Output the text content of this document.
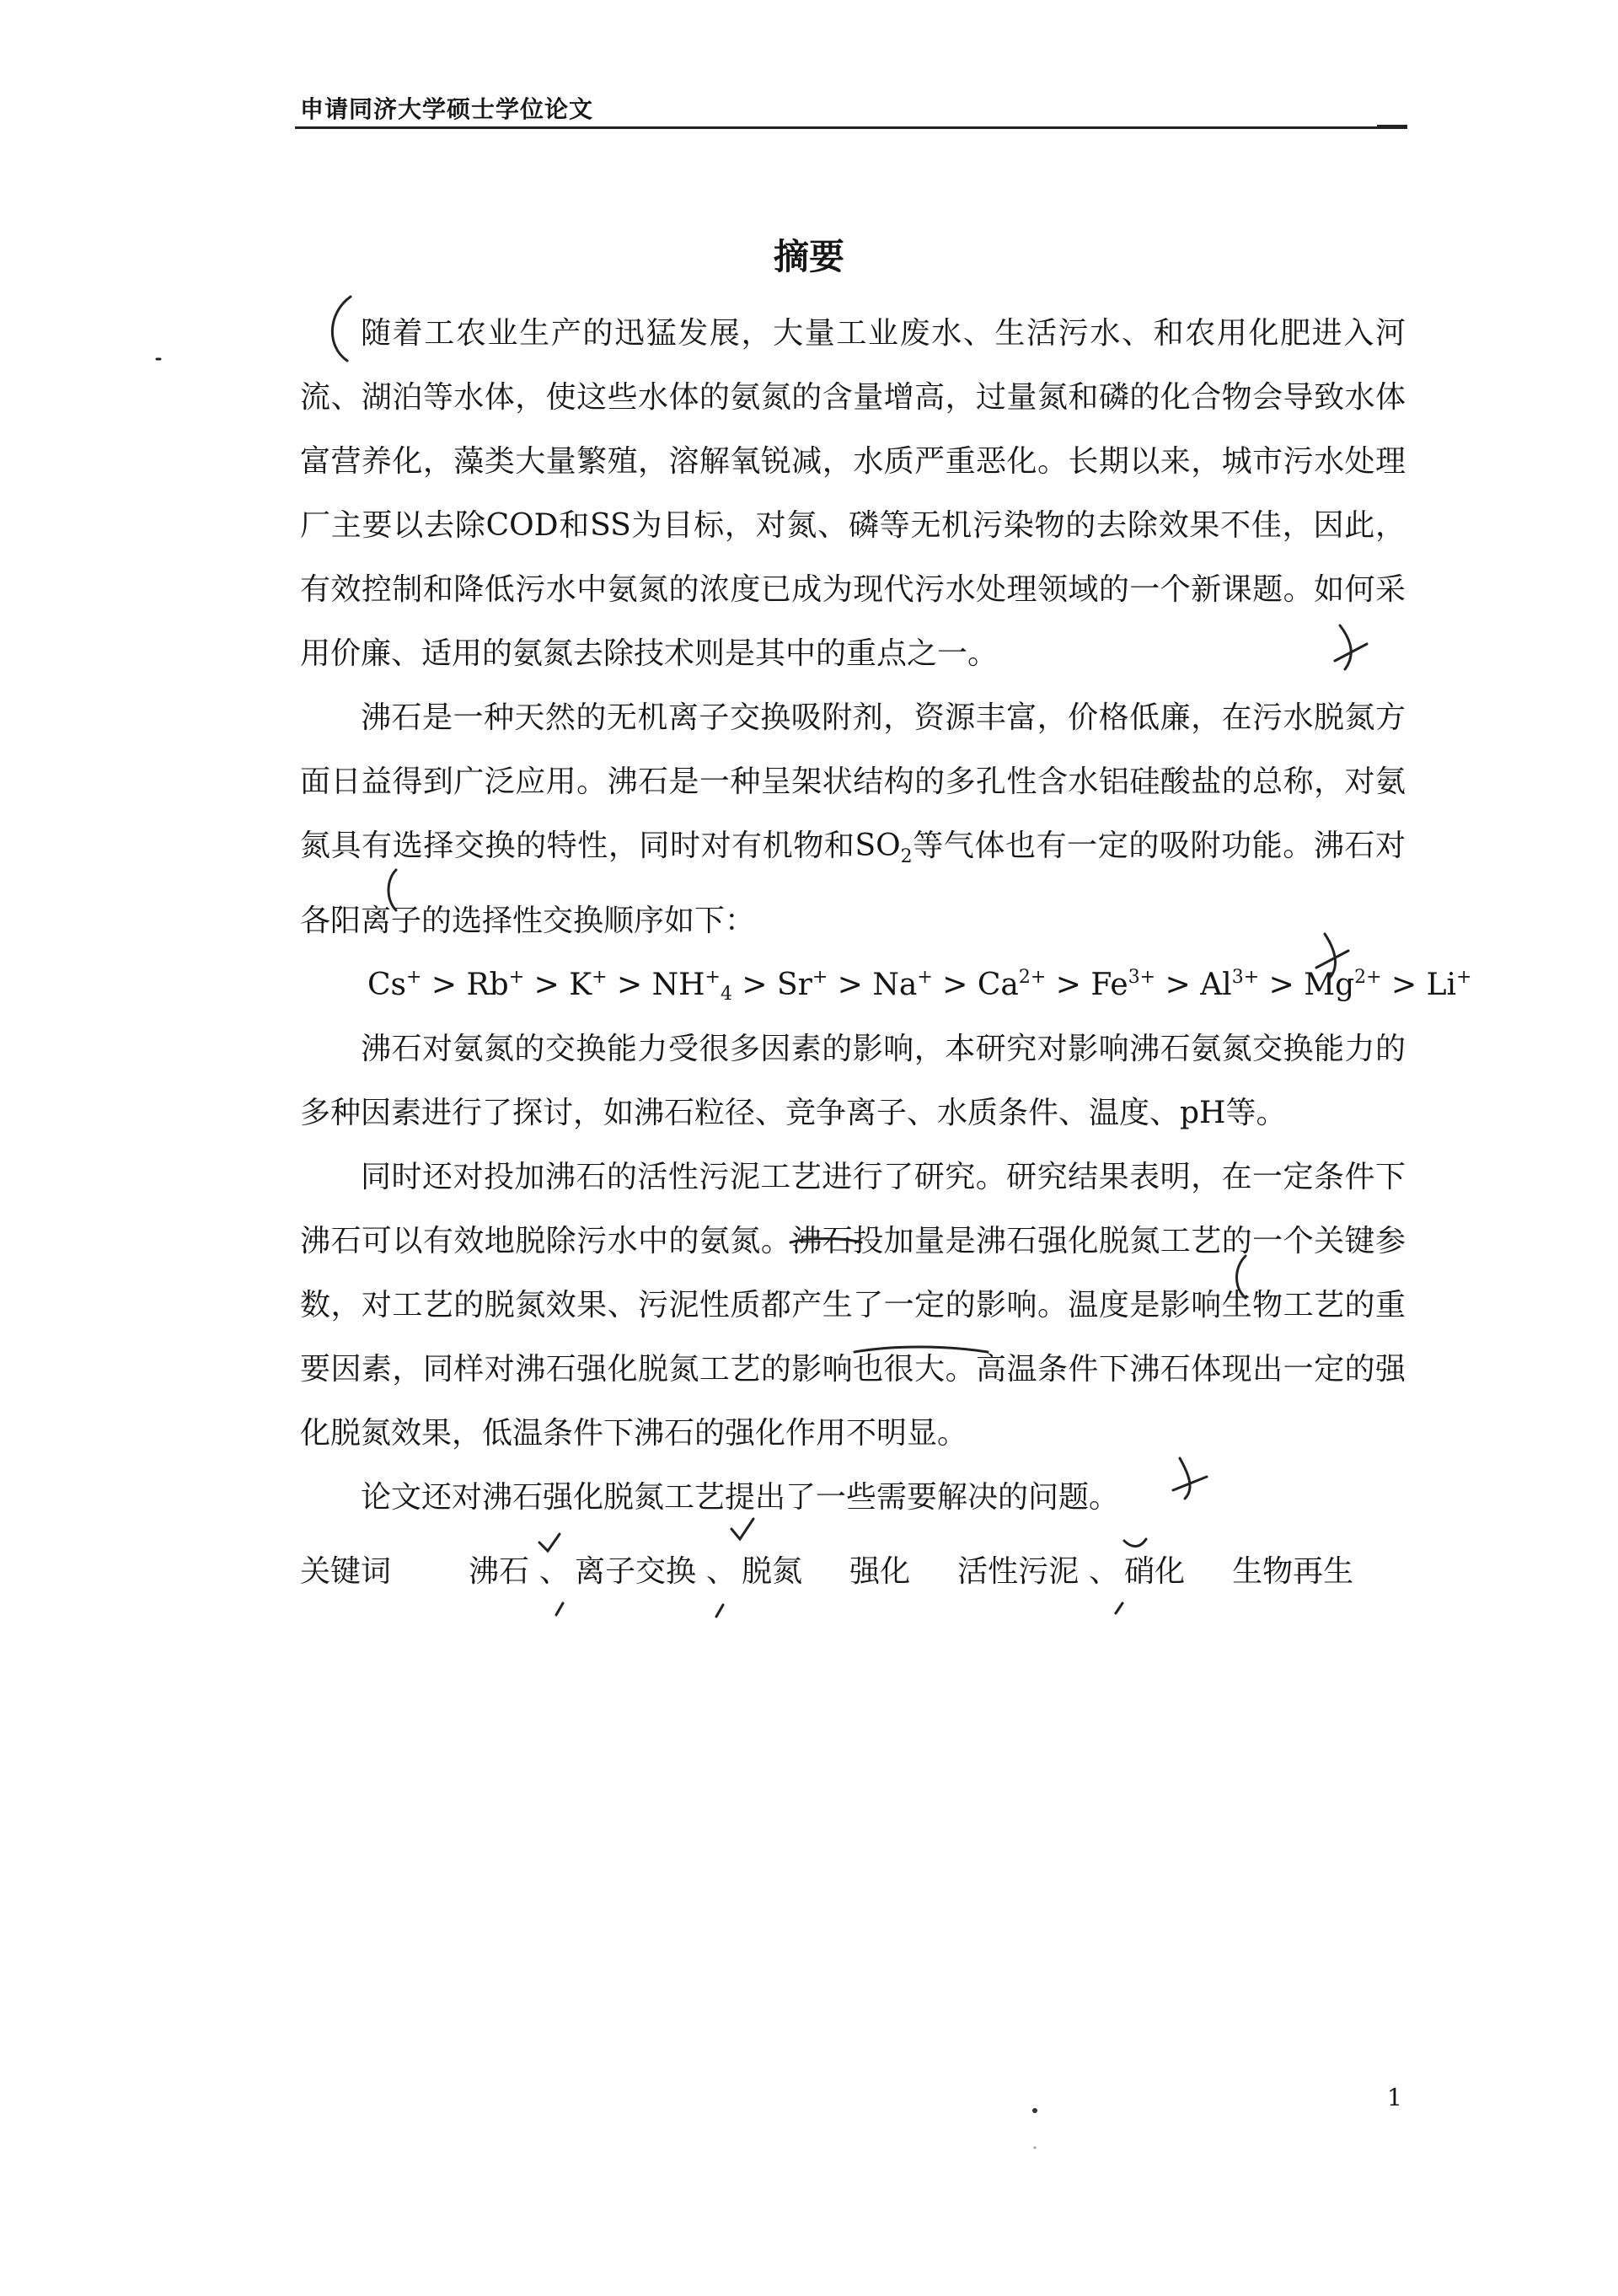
申请同济大学硕士学位论文
摘要

随着工农业生产的迅猛发展，大量工业废水、生活污水、和农用化肥进入河流、湖泊等水体，使这些水体的氨氮的含量增高，过量氮和磷的化合物会导致水体富营养化，藻类大量繁殖，溶解氧锐减，水质严重恶化。长期以来，城市污水处理厂主要以去除COD和SS为目标，对氮、磷等无机污染物的去除效果不佳，因此，有效控制和降低污水中氨氮的浓度已成为现代污水处理领域的一个新课题。如何采用价廉、适用的氨氮去除技术则是其中的重点之一。

沸石是一种天然的无机离子交换吸附剂，资源丰富，价格低廉，在污水脱氮方面日益得到广泛应用。沸石是一种呈架状结构的多孔性含水铝硅酸盐的总称，对氨氮具有选择交换的特性，同时对有机物和$SO_2$等气体也有一定的吸附功能。沸石对各阳离子的选择性交换顺序如下：

$Cs^+ > Rb^+ > K^+ > NH^+_4 > Sr^+ > Na^+ > Ca^{2+} > Fe^{3+} > Al^{3+} > Mg^{2+} > Li^+$

沸石对氨氮的交换能力受很多因素的影响，本研究对影响沸石氨氮交换能力的多种因素进行了探讨，如沸石粒径、竞争离子、水质条件、温度、pH等。

同时还对投加沸石的活性污泥工艺进行了研究。研究结果表明，在一定条件下沸石可以有效地脱除污水中的氨氮。沸石投加量是沸石强化脱氮工艺的一个关键参数，对工艺的脱氮效果、污泥性质都产生了一定的影响。温度是影响生物工艺的重要因素，同样对沸石强化脱氮工艺的影响也很大。高温条件下沸石体现出一定的强化脱氮效果，低温条件下沸石的强化作用不明显。

论文还对沸石强化脱氮工艺提出了一些需要解决的问题。

关键词	沸石 、 离子交换 、 脱氮 强化 活性污泥 、 硝化 生物再生
1
